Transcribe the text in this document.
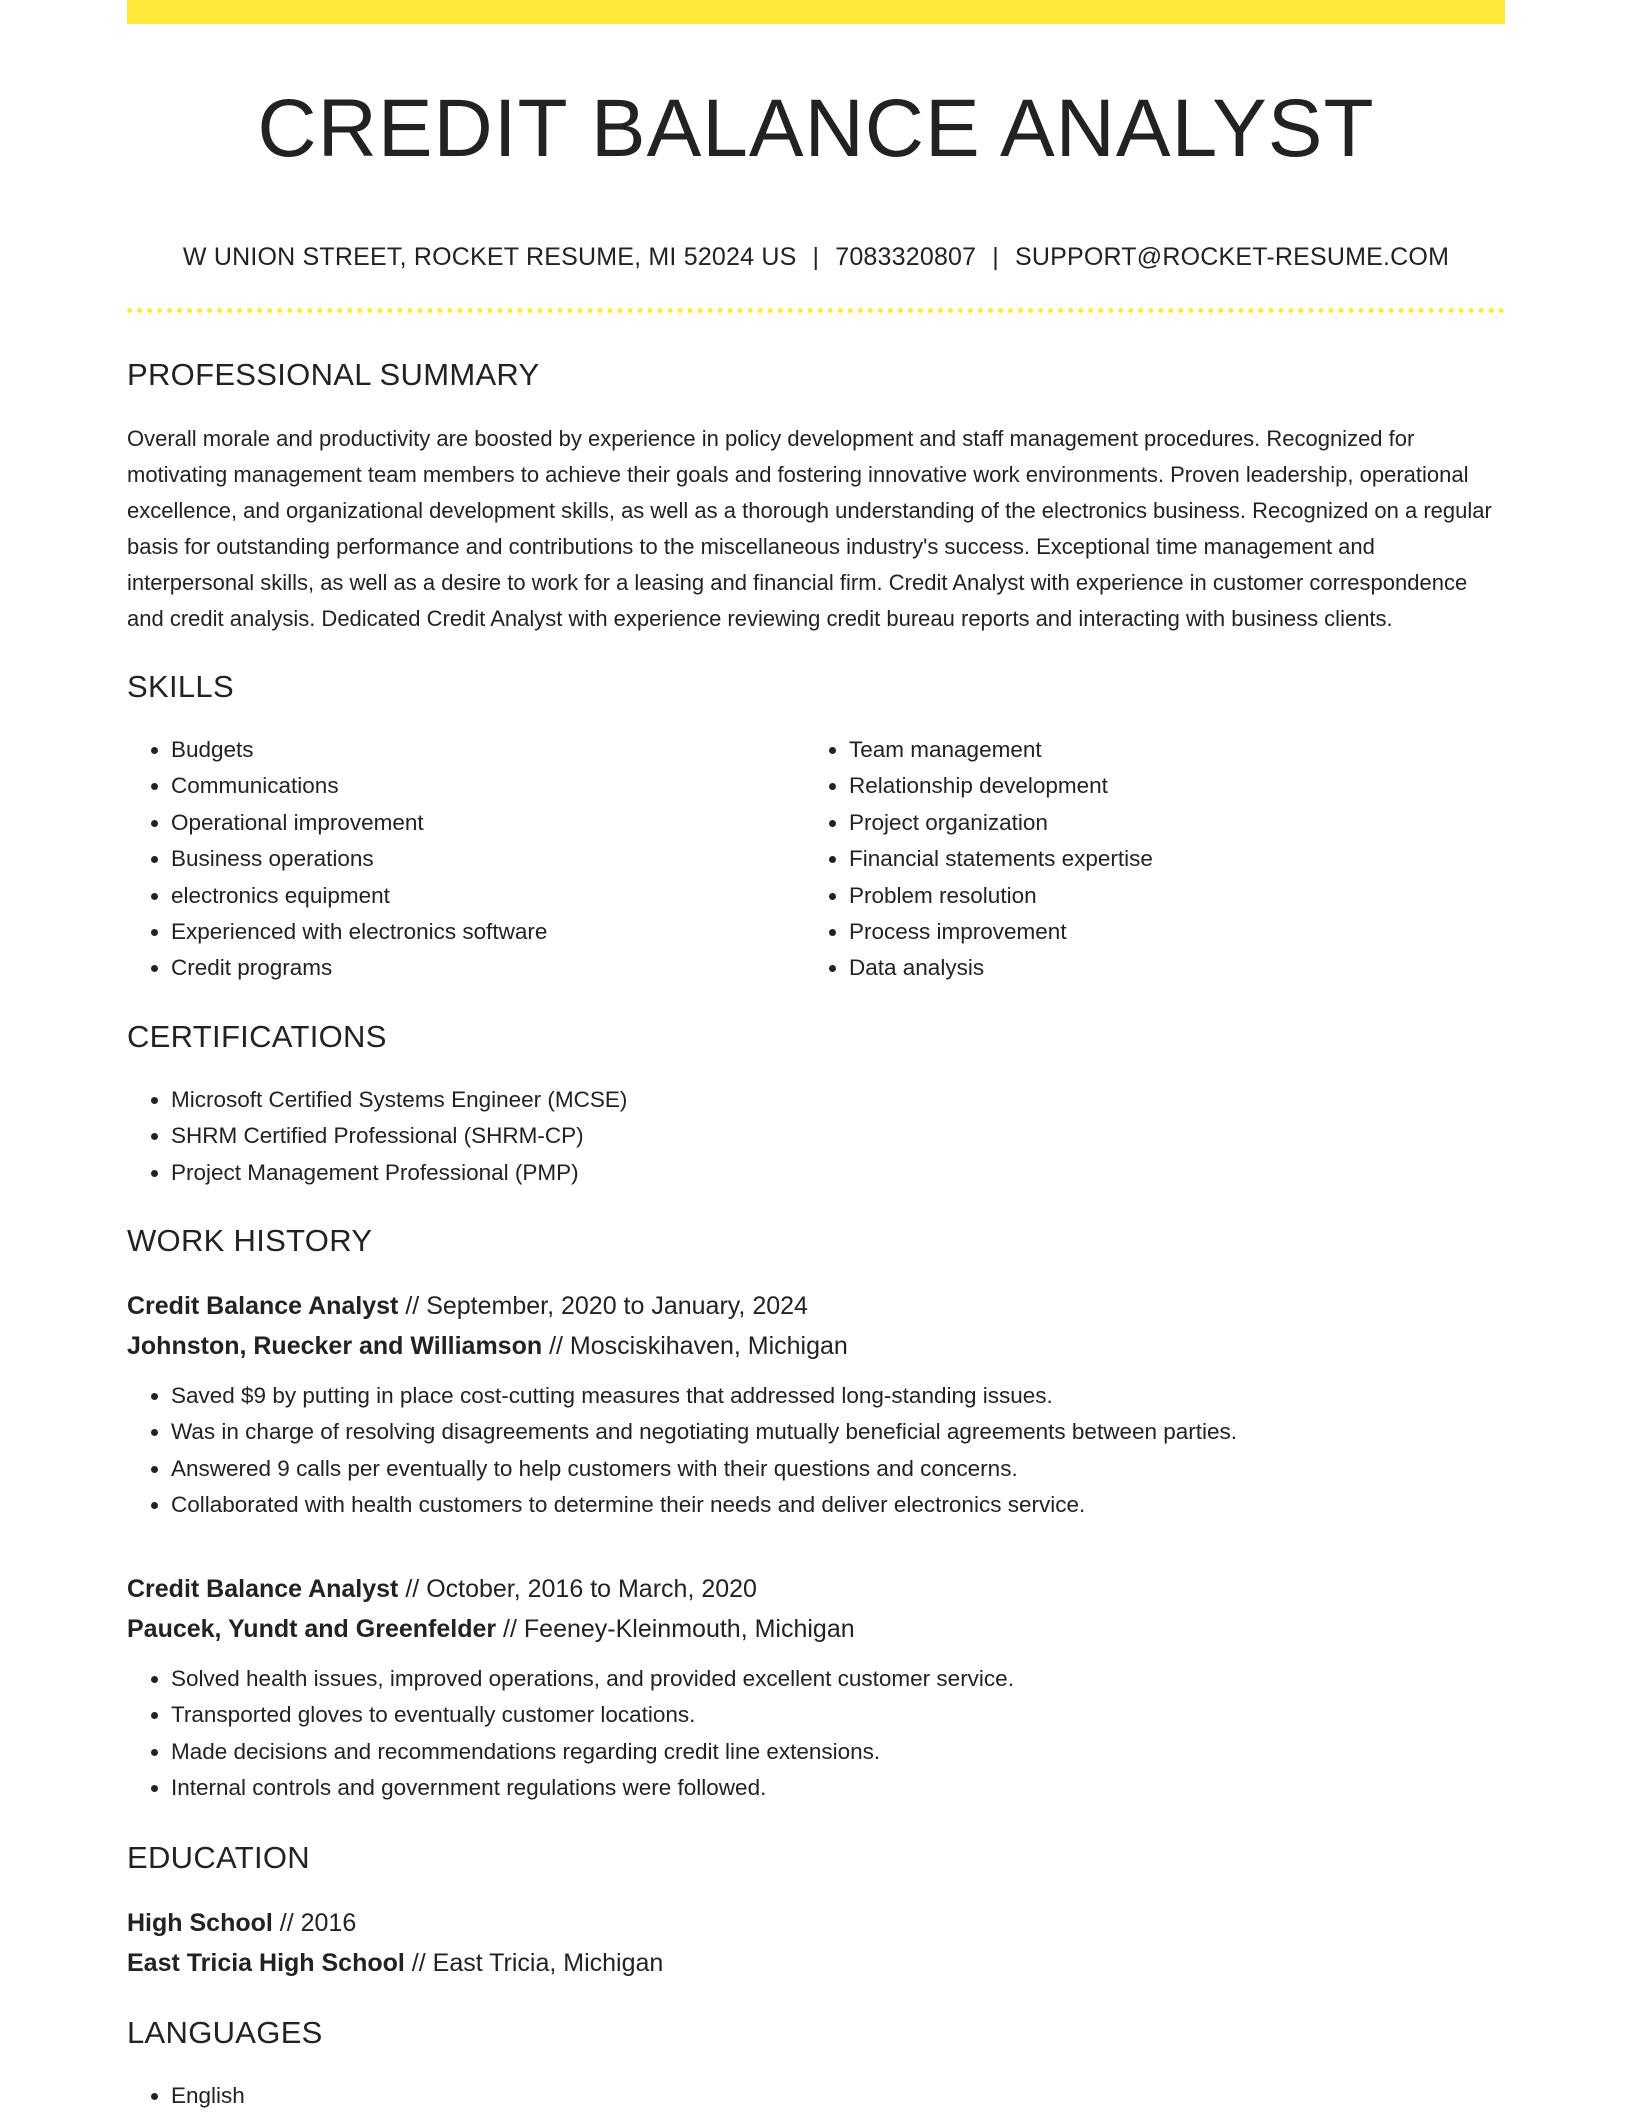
CREDIT BALANCE ANALYST
W UNION STREET, ROCKET RESUME, MI 52024 US | 7083320807 | SUPPORT@ROCKET-RESUME.COM
PROFESSIONAL SUMMARY

Overall morale and productivity are boosted by experience in policy development and staff management procedures. Recognized for motivating management team members to achieve their goals and fostering innovative work environments. Proven leadership, operational excellence, and organizational development skills, as well as a thorough understanding of the electronics business. Recognized on a regular basis for outstanding performance and contributions to the miscellaneous industry's success. Exceptional time management and interpersonal skills, as well as a desire to work for a leasing and financial firm. Credit Analyst with experience in customer correspondence and credit analysis. Dedicated Credit Analyst with experience reviewing credit bureau reports and interacting with business clients.

SKILLS
• Budgets
• Communications
• Operational improvement
• Business operations
• electronics equipment
• Experienced with electronics software
• Credit programs
• Team management
• Relationship development
• Project organization
• Financial statements expertise
• Problem resolution
• Process improvement
• Data analysis
CERTIFICATIONS
• Microsoft Certified Systems Engineer (MCSE)
• SHRM Certified Professional (SHRM-CP)
• Project Management Professional (PMP)
WORK HISTORY
Credit Balance Analyst // September, 2020 to January, 2024
Johnston, Ruecker and Williamson // Mosciskihaven, Michigan
• Saved $9 by putting in place cost-cutting measures that addressed long-standing issues.
• Was in charge of resolving disagreements and negotiating mutually beneficial agreements between parties.
• Answered 9 calls per eventually to help customers with their questions and concerns.
• Collaborated with health customers to determine their needs and deliver electronics service.
Credit Balance Analyst // October, 2016 to March, 2020
Paucek, Yundt and Greenfelder // Feeney-Kleinmouth, Michigan
• Solved health issues, improved operations, and provided excellent customer service.
• Transported gloves to eventually customer locations.
• Made decisions and recommendations regarding credit line extensions.
• Internal controls and government regulations were followed.
EDUCATION
High School // 2016
East Tricia High School // East Tricia, Michigan
LANGUAGES
• English
